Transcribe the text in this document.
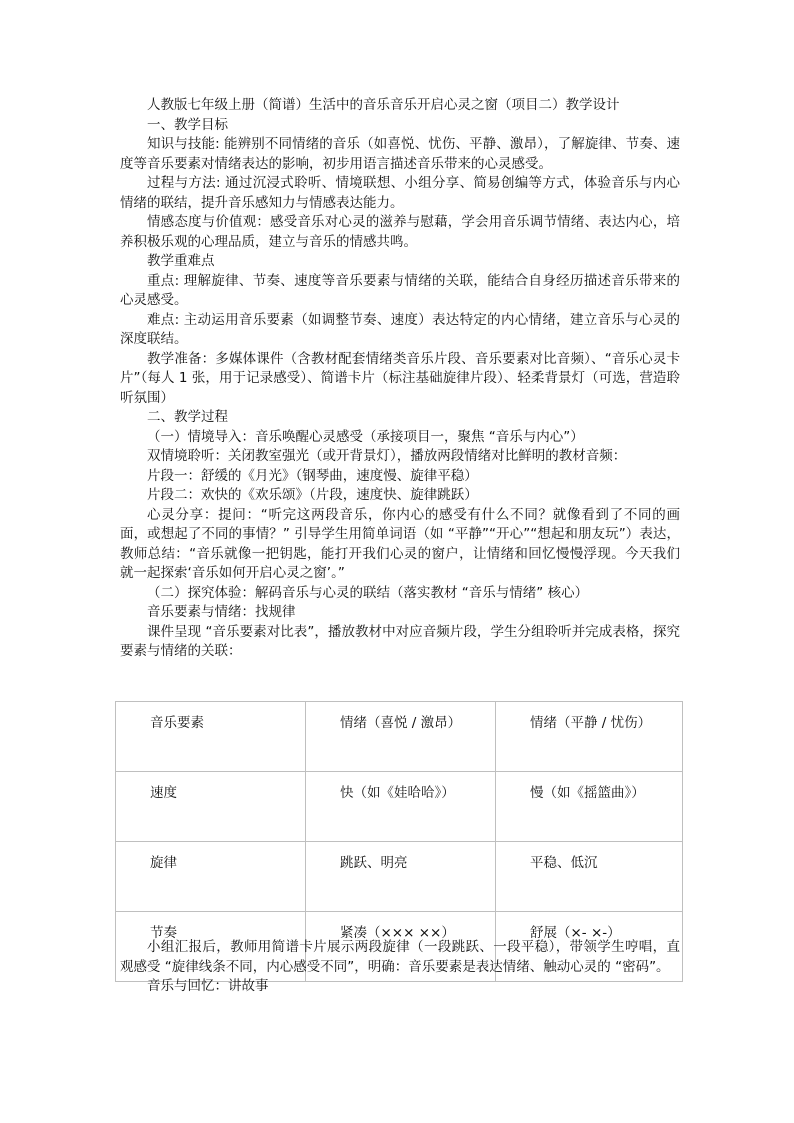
人教版七年级上册（简谱）生活中的音乐音乐开启心灵之窗（项目二）教学设计

一、教学目标

知识与技能: 能辨别不同情绪的音乐（如喜悦、忧伤、平静、激昂），了解旋律、节奏、速度等音乐要素对情绪表达的影响，初步用语言描述音乐带来的心灵感受。

过程与方法: 通过沉浸式聆听、情境联想、小组分享、简易创编等方式，体验音乐与内心情绪的联结，提升音乐感知力与情感表达能力。

情感态度与价值观：感受音乐对心灵的滋养与慰藉，学会用音乐调节情绪、表达内心，培养积极乐观的心理品质，建立与音乐的情感共鸣。

教学重难点

重点: 理解旋律、节奏、速度等音乐要素与情绪的关联，能结合自身经历描述音乐带来的心灵感受。

难点: 主动运用音乐要素（如调整节奏、速度）表达特定的内心情绪，建立音乐与心灵的深度联结。

教学准备：多媒体课件（含教材配套情绪类音乐片段、音乐要素对比音频）、“音乐心灵卡片”（每人 1 张，用于记录感受）、简谱卡片（标注基础旋律片段）、轻柔背景灯（可选，营造聆听氛围）

二、教学过程

（一）情境导入：音乐唤醒心灵感受（承接项目一，聚焦 “音乐与内心”）

双情境聆听：关闭教室强光（或开背景灯），播放两段情绪对比鲜明的教材音频：

片段一：舒缓的《月光》（钢琴曲，速度慢、旋律平稳）

片段二：欢快的《欢乐颂》（片段，速度快、旋律跳跃）

心灵分享：提问：“听完这两段音乐，你内心的感受有什么不同？就像看到了不同的画面，或想起了不同的事情？” 引导学生用简单词语（如 “平静”“开心”“想起和朋友玩”）表达，教师总结：“音乐就像一把钥匙，能打开我们心灵的窗户，让情绪和回忆慢慢浮现。今天我们就一起探索‘音乐如何开启心灵之窗’。”

（二）探究体验：解码音乐与心灵的联结（落实教材 “音乐与情绪” 核心）

音乐要素与情绪：找规律

课件呈现 “音乐要素对比表”，播放教材中对应音频片段，学生分组聆听并完成表格，探究要素与情绪的关联：

音乐要素	情绪（喜悦 / 激昂）	情绪（平静 / 忧伤）
速度	快（如《娃哈哈》）	慢（如《摇篮曲》）
旋律	跳跃、明亮	平稳、低沉
节奏	紧凑（××× ××）	舒展（×- ×-）

小组汇报后，教师用简谱卡片展示两段旋律（一段跳跃、一段平稳），带领学生哼唱，直观感受 “旋律线条不同，内心感受不同”，明确：音乐要素是表达情绪、触动心灵的 “密码”。

音乐与回忆：讲故事
